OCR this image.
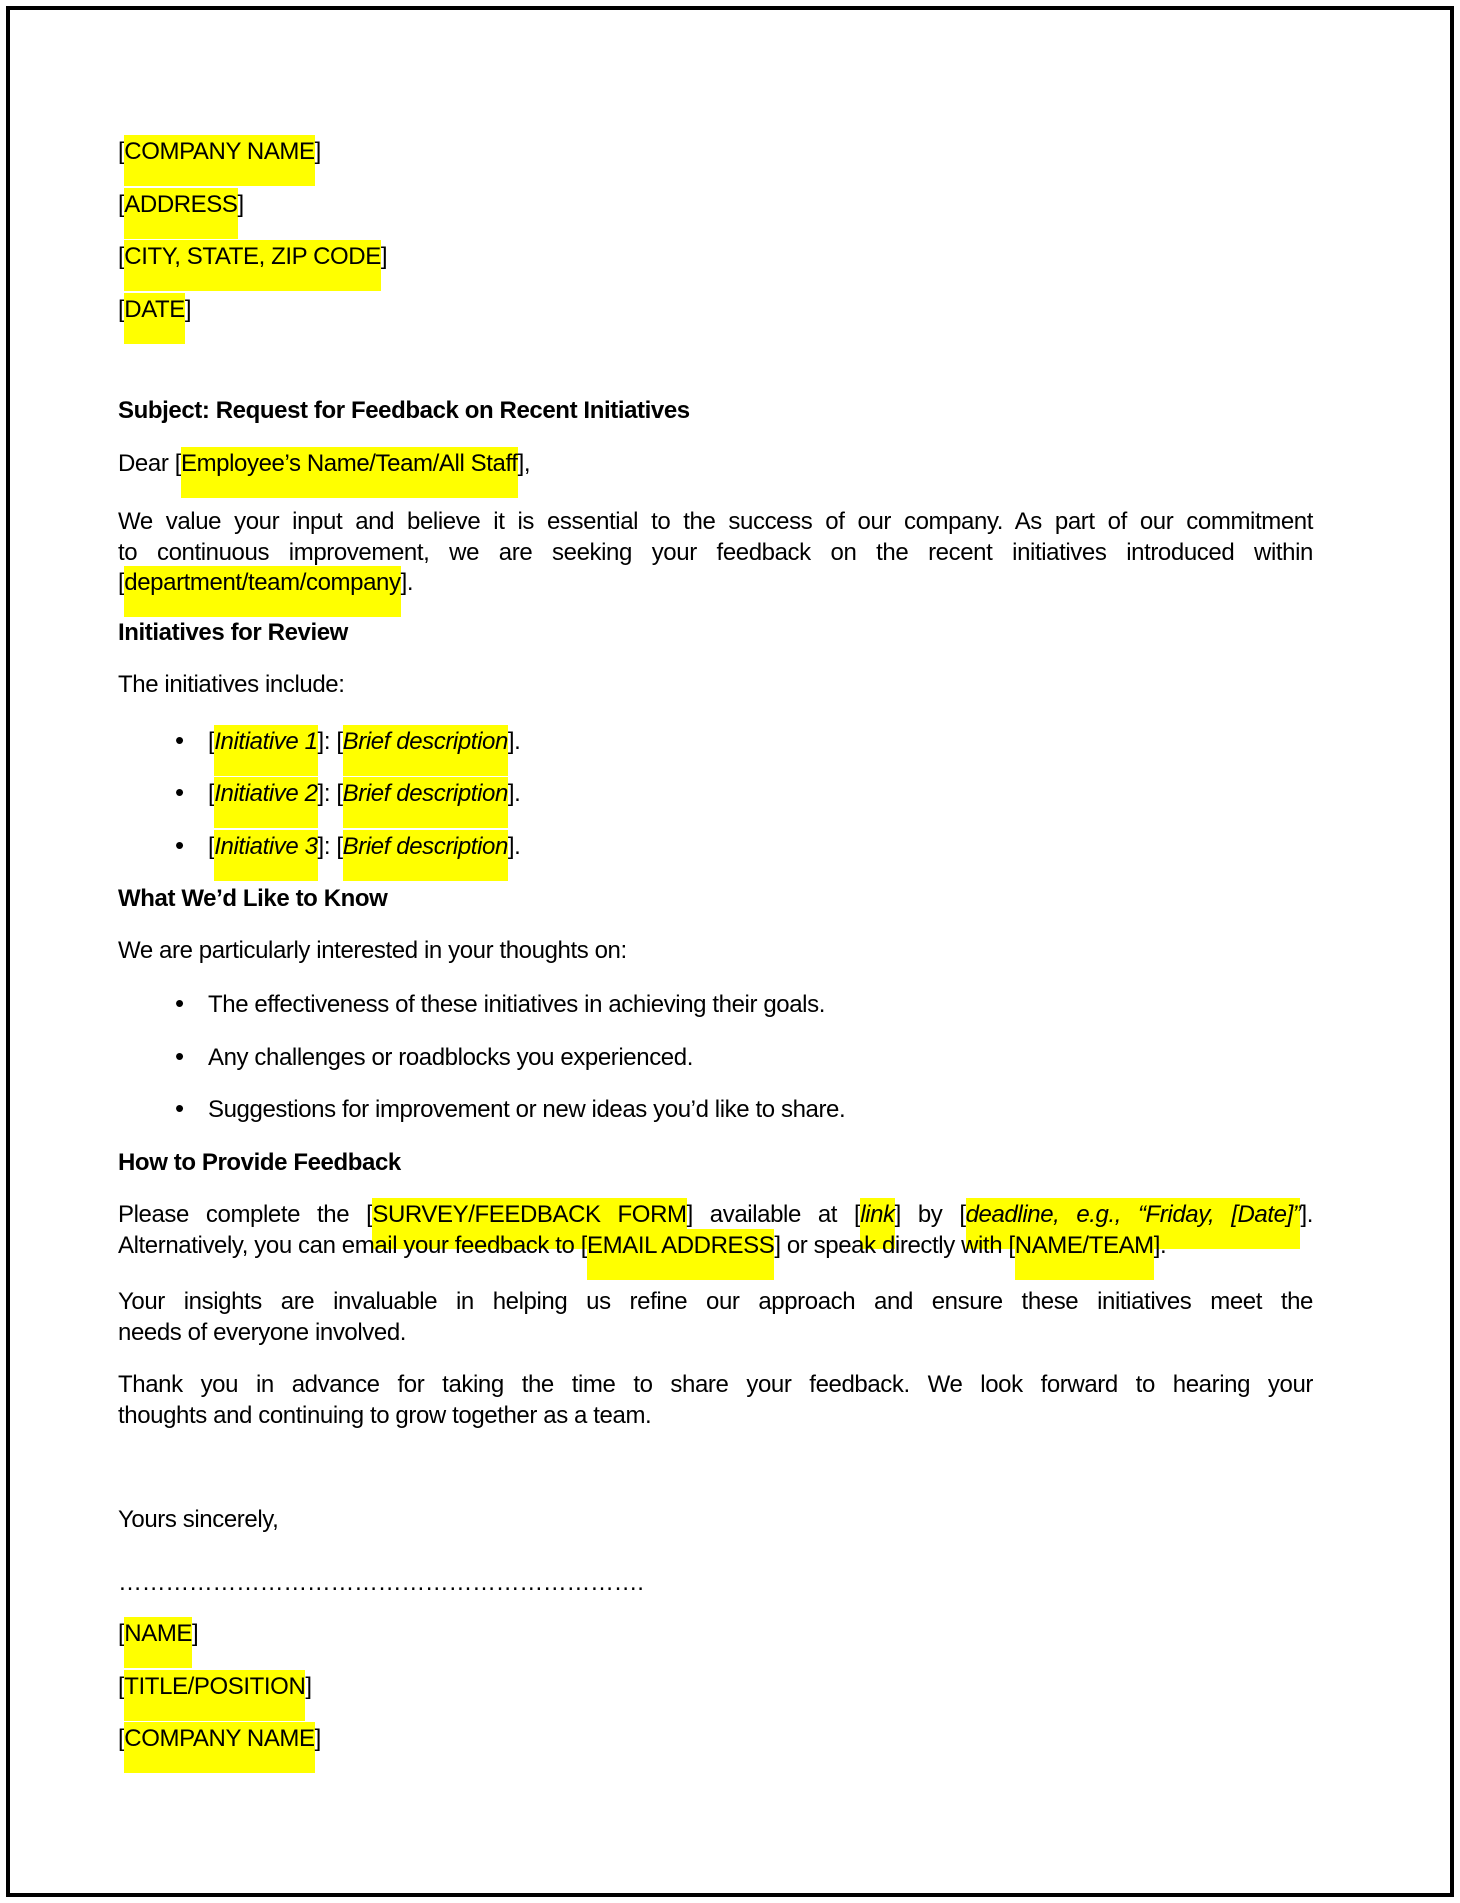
[COMPANY NAME]

[ADDRESS]

[CITY, STATE, ZIP CODE]

[DATE]

Subject: Request for Feedback on Recent Initiatives

Dear [Employee’s Name/Team/All Staff],

We value your input and believe it is essential to the success of our company. As part of our commitment
to continuous improvement, we are seeking your feedback on the recent initiatives introduced within
[department/team/company].

Initiatives for Review

The initiatives include:

• [Initiative 1]: [Brief description].
• [Initiative 2]: [Brief description].
• [Initiative 3]: [Brief description].

What We’d Like to Know

We are particularly interested in your thoughts on:

• The effectiveness of these initiatives in achieving their goals.
• Any challenges or roadblocks you experienced.
• Suggestions for improvement or new ideas you’d like to share.

How to Provide Feedback

Please complete the [SURVEY/FEEDBACK FORM] available at [link] by [deadline, e.g., “Friday, [Date]”].
Alternatively, you can email your feedback to [EMAIL ADDRESS] or speak directly with [NAME/TEAM].
Your insights are invaluable in helping us refine our approach and ensure these initiatives meet the
needs of everyone involved.
Thank you in advance for taking the time to share your feedback. We look forward to hearing your
thoughts and continuing to grow together as a team.

Yours sincerely,

………………………………………………………….

[NAME]

[TITLE/POSITION]

[COMPANY NAME]
